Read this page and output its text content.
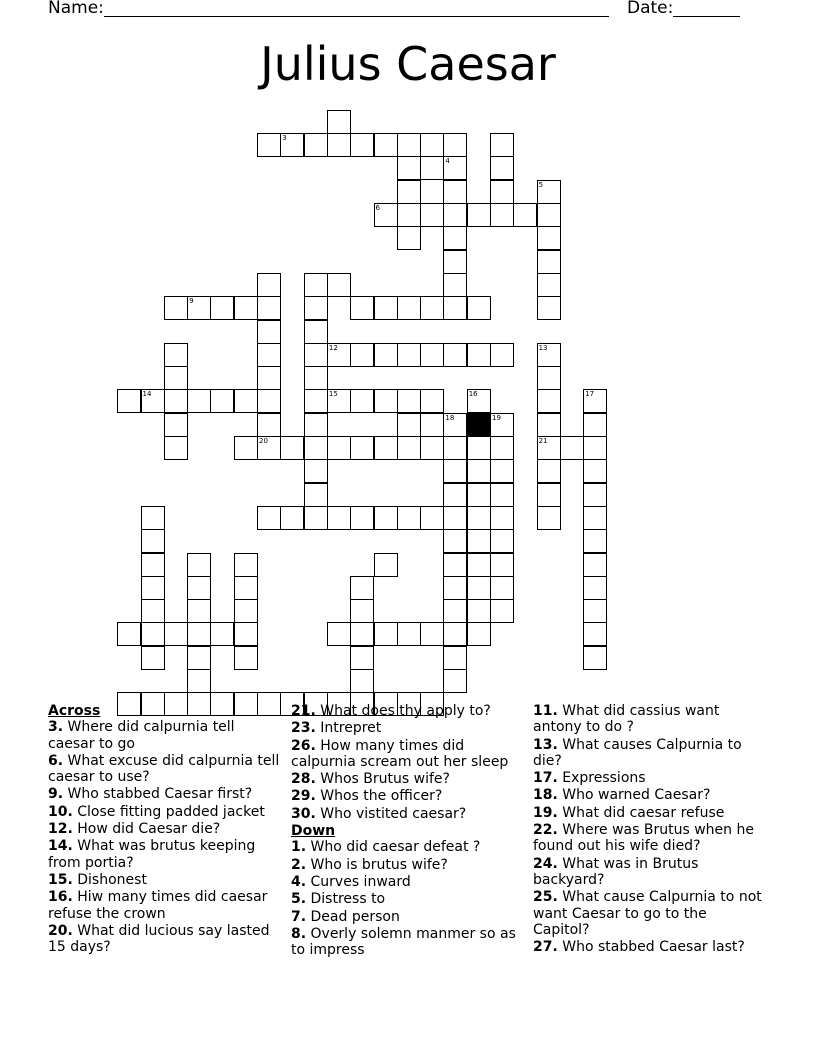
Name:	Date:
Julius Caesar
3
4
5
6
9
12	13
14	15	16	17
18	19
20	21
Across
3. Where did calpurnia tell caesar to go
6. What excuse did calpurnia tell caesar to use?
9. Who stabbed Caesar first?
10. Close fitting padded jacket
12. How did Caesar die?
14. What was brutus keeping from portia?
15. Dishonest
16. Hiw many times did caesar refuse the crown
20. What did lucious say lasted 15 days?
21. What does thy apply to?
23. Intrepret
26. How many times did calpurnia scream out her sleep
28. Whos Brutus wife?
29. Whos the officer?
30. Who vistited caesar?
Down
1. Who did caesar defeat ?
2. Who is brutus wife?
4. Curves inward
5. Distress to
7. Dead person
8. Overly solemn manmer so as to impress
11. What did cassius want antony to do ?
13. What causes Calpurnia to die?
17. Expressions
18. Who warned Caesar?
19. What did caesar refuse
22. Where was Brutus when he found out his wife died?
24. What was in Brutus backyard?
25. What cause Calpurnia to not want Caesar to go to the Capitol?
27. Who stabbed Caesar last?
